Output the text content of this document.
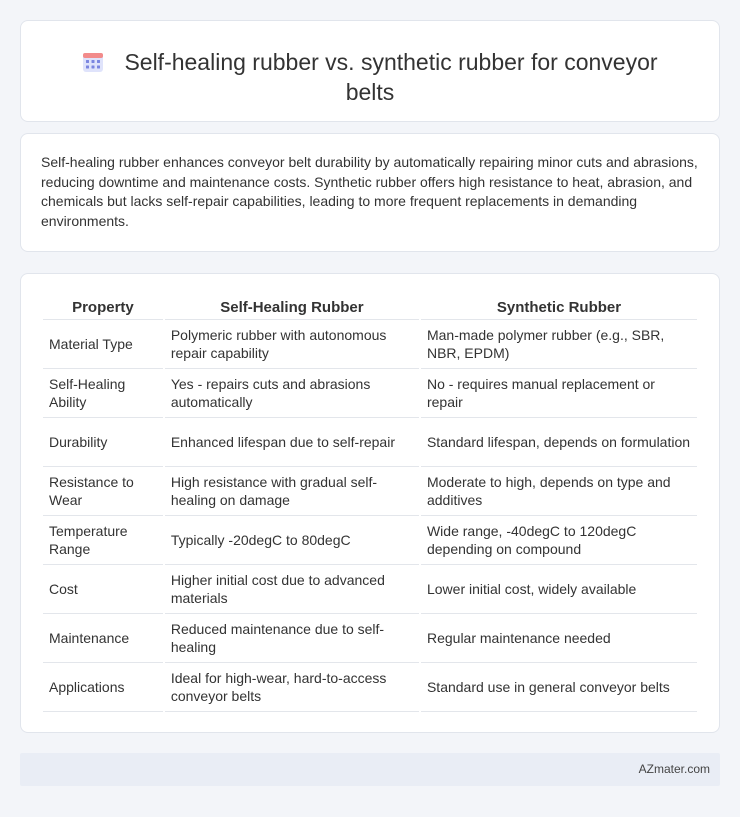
Self-healing rubber vs. synthetic rubber for conveyor belts

Self-healing rubber enhances conveyor belt durability by automatically repairing minor cuts and abrasions, reducing downtime and maintenance costs. Synthetic rubber offers high resistance to heat, abrasion, and chemicals but lacks self-repair capabilities, leading to more frequent replacements in demanding environments.

Property	Self-Healing Rubber	Synthetic Rubber
Material Type	Polymeric rubber with autonomous repair capability	Man-made polymer rubber (e.g., SBR, NBR, EPDM)
Self-Healing Ability	Yes - repairs cuts and abrasions automatically	No - requires manual replacement or repair
Durability	Enhanced lifespan due to self-repair	Standard lifespan, depends on formulation
Resistance to Wear	High resistance with gradual self-healing on damage	Moderate to high, depends on type and additives
Temperature Range	Typically -20degC to 80degC	Wide range, -40degC to 120degC depending on compound
Cost	Higher initial cost due to advanced materials	Lower initial cost, widely available
Maintenance	Reduced maintenance due to self-healing	Regular maintenance needed
Applications	Ideal for high-wear, hard-to-access conveyor belts	Standard use in general conveyor belts
AZmater.com
